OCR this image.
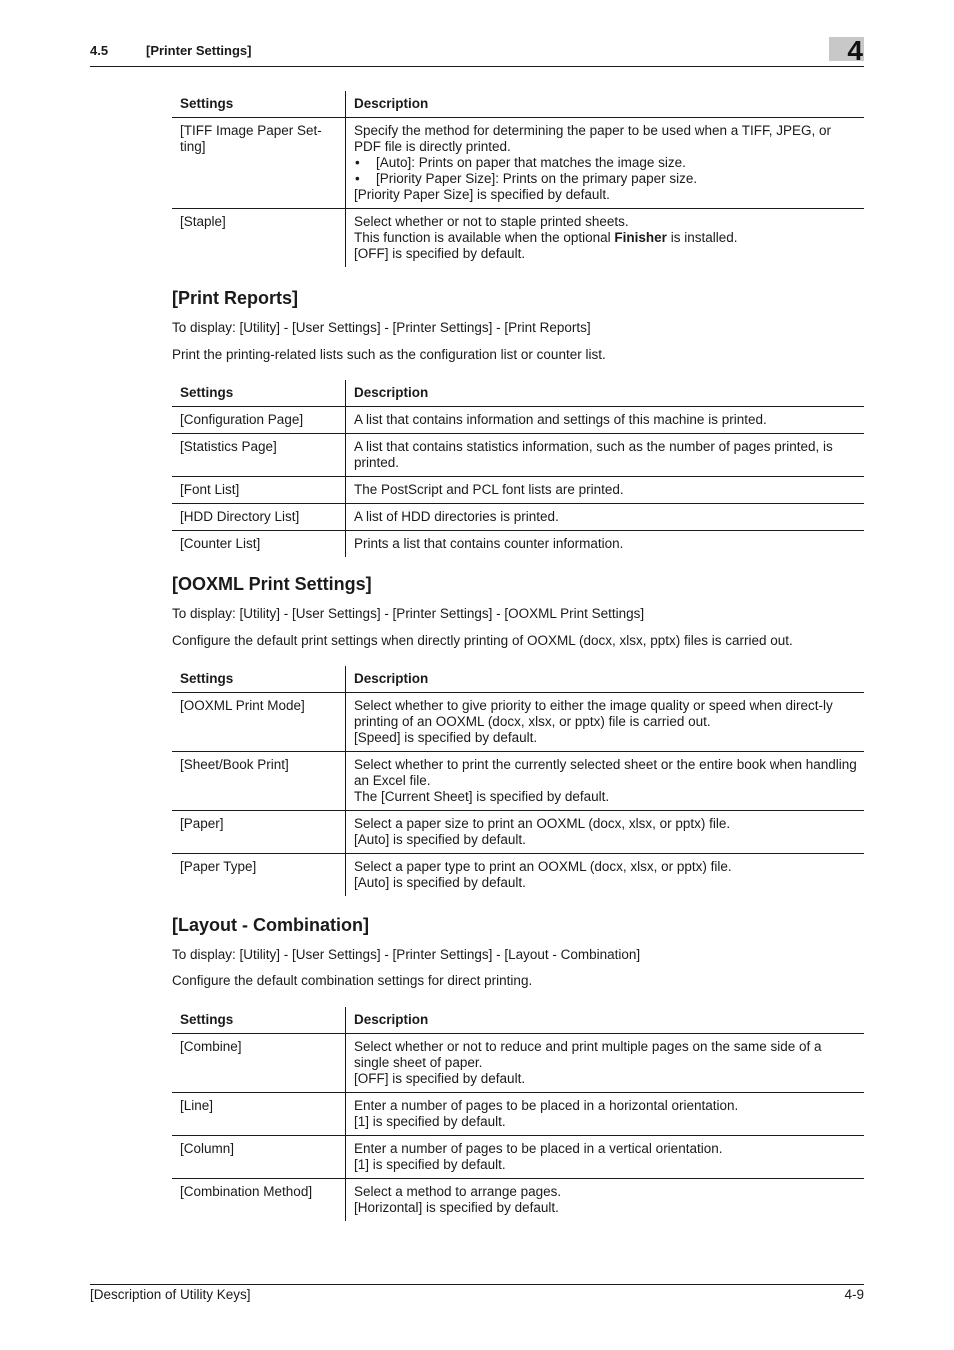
4.5	[Printer Settings]	4
Settings	Description
[TIFF Image Paper Set-ting]	Specify the method for determining the paper to be used when a TIFF, JPEG, or PDF file is directly printed.
• [Auto]: Prints on paper that matches the image size.
• [Priority Paper Size]: Prints on the primary paper size.
[Priority Paper Size] is specified by default.

[Staple]	Select whether or not to staple printed sheets.
This function is available when the optional Finisher is installed.
[OFF] is specified by default.
[Print Reports]

To display: [Utility] - [User Settings] - [Printer Settings] - [Print Reports]

Print the printing-related lists such as the configuration list or counter list.

Settings	Description
[Configuration Page]	A list that contains information and settings of this machine is printed.
[Statistics Page]	A list that contains statistics information, such as the number of pages printed, is printed.
[Font List]	The PostScript and PCL font lists are printed.
[HDD Directory List]	A list of HDD directories is printed.
[Counter List]	Prints a list that contains counter information.
[OOXML Print Settings]

To display: [Utility] - [User Settings] - [Printer Settings] - [OOXML Print Settings]

Configure the default print settings when directly printing of OOXML (docx, xlsx, pptx) files is carried out.

Settings	Description
[OOXML Print Mode]	Select whether to give priority to either the image quality or speed when direct-ly printing of an OOXML (docx, xlsx, or pptx) file is carried out.
[Speed] is specified by default.

[Sheet/Book Print]	Select whether to print the currently selected sheet or the entire book when handling an Excel file.
The [Current Sheet] is specified by default.

[Paper]	Select a paper size to print an OOXML (docx, xlsx, or pptx) file.
[Auto] is specified by default.

[Paper Type]	Select a paper type to print an OOXML (docx, xlsx, or pptx) file.
[Auto] is specified by default.
[Layout - Combination]

To display: [Utility] - [User Settings] - [Printer Settings] - [Layout - Combination]

Configure the default combination settings for direct printing.

Settings	Description
[Combine]	Select whether or not to reduce and print multiple pages on the same side of a single sheet of paper.
[OFF] is specified by default.

[Line]	Enter a number of pages to be placed in a horizontal orientation.
[1] is specified by default.

[Column]	Enter a number of pages to be placed in a vertical orientation.
[1] is specified by default.

[Combination Method]	Select a method to arrange pages.
[Horizontal] is specified by default.
[Description of Utility Keys]	4-9
